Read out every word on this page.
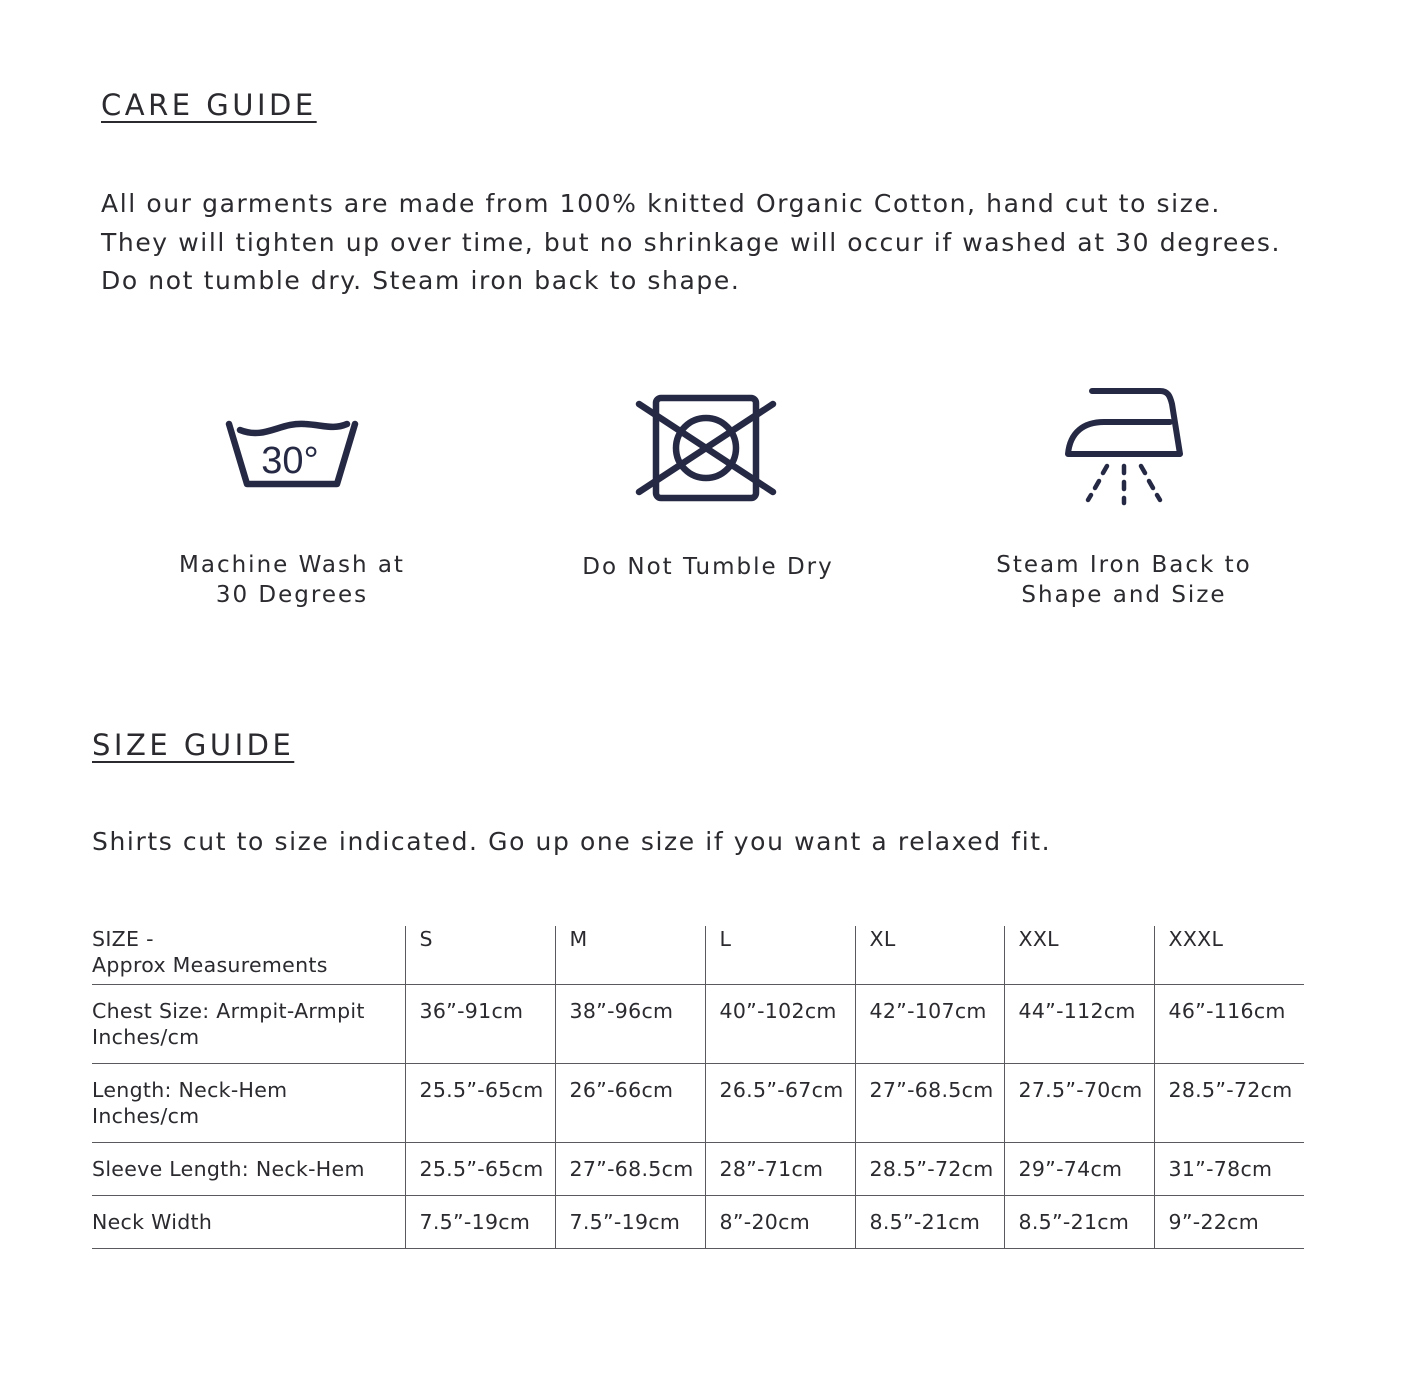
CARE GUIDE

All our garments are made from 100% knitted Organic Cotton, hand cut to size.
They will tighten up over time, but no shrinkage will occur if washed at 30 degrees.
Do not tumble dry. Steam iron back to shape.

30°
Machine Wash at
30 Degrees
Do Not Tumble Dry	Steam Iron Back to
Shape and Size
SIZE GUIDE

Shirts cut to size indicated. Go up one size if you want a relaxed fit.

SIZE -
Approx Measurements	S	M	L	XL	XXL	XXXL

Chest Size: Armpit-Armpit
Inches/cm	36”-91cm	38”-96cm	40”-102cm	42”-107cm	44”-112cm	46”-116cm

Length: Neck-Hem
Inches/cm	25.5”-65cm	26”-66cm	26.5”-67cm	27”-68.5cm	27.5”-70cm	28.5”-72cm

Sleeve Length: Neck-Hem	25.5”-65cm	27”-68.5cm	28”-71cm	28.5”-72cm	29”-74cm	31”-78cm

Neck Width	7.5”-19cm	7.5”-19cm	8”-20cm	8.5”-21cm	8.5”-21cm	9”-22cm
